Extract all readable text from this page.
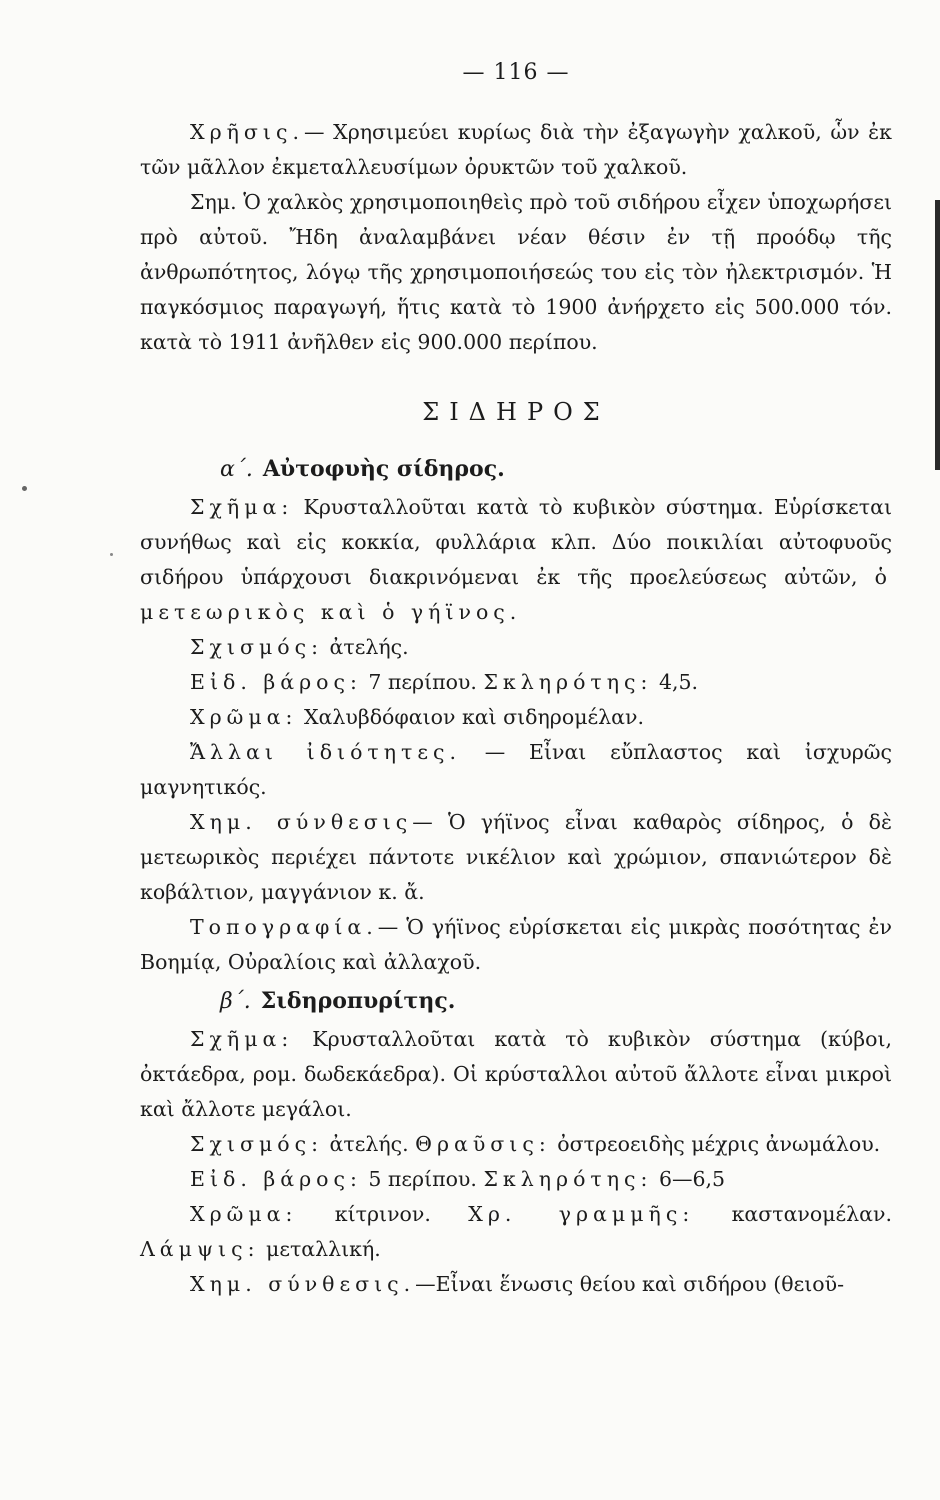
— 116 —

Χρῆσις.— Χρησιμεύει κυρίως διὰ τὴν ἐξαγωγὴν χαλκοῦ, ὧν ἐκ τῶν μᾶλλον ἐκμεταλλευσίμων ὀρυκτῶν τοῦ χαλκοῦ.

Σημ. Ὁ χαλκὸς χρησιμοποιηθεὶς πρὸ τοῦ σιδήρου εἶχεν ὑποχωρήσει πρὸ αὐτοῦ. Ἤδη ἀναλαμβάνει νέαν θέσιν ἐν τῇ προόδῳ τῆς ἀνθρωπότητος, λόγῳ τῆς χρησιμοποιήσεώς του εἰς τὸν ἠλεκτρισμόν. Ἡ παγκόσμιος παραγωγή, ἥτις κατὰ τὸ 1900 ἀνήρχετο εἰς 500.000 τόν. κατὰ τὸ 1911 ἀνῆλθεν εἰς 900.000 περίπου.

ΣΙΔΗΡΟΣ
α΄. Αὐτοφυὴς σίδηρος.

Σχῆμα: Κρυσταλλοῦται κατὰ τὸ κυβικὸν σύστημα. Εὑρίσκεται συνήθως καὶ εἰς κοκκία, φυλλάρια κλπ. Δύο ποικιλίαι αὐτοφυοῦς σιδήρου ὑπάρχουσι διακρινόμεναι ἐκ τῆς προελεύσεως αὐτῶν, ὁ μετεωρικὸς καὶ ὁ γήϊνος.

Σχισμός: ἀτελής.

Εἰδ. βάρος: 7 περίπου. Σκληρότης: 4,5.

Χρῶμα: Χαλυβδόφαιον καὶ σιδηρομέλαν.

Ἄλλαι ἰδιότητες. — Εἶναι εὔπλαστος καὶ ἰσχυρῶς μαγνητικός.

Χημ. σύνθεσις— Ὁ γήϊνος εἶναι καθαρὸς σίδηρος, ὁ δὲ μετεωρικὸς περιέχει πάντοτε νικέλιον καὶ χρώμιον, σπανιώτερον δὲ κοβάλτιον, μαγγάνιον κ. ἄ.

Τοπογραφία.— Ὁ γήϊνος εὑρίσκεται εἰς μικρὰς ποσότητας ἐν Βοημίᾳ, Οὐραλίοις καὶ ἀλλαχοῦ.

β΄. Σιδηροπυρίτης.

Σχῆμα: Κρυσταλλοῦται κατὰ τὸ κυβικὸν σύστημα (κύβοι, ὀκτάεδρα, ρομ. δωδεκάεδρα). Οἱ κρύσταλλοι αὐτοῦ ἄλλοτε εἶναι μικροὶ καὶ ἄλλοτε μεγάλοι.

Σχισμός: ἀτελής. Θραῦσις: ὀστρεοειδὴς μέχρις ἀνωμάλου.

Εἰδ. βάρος: 5 περίπου. Σκληρότης: 6—6,5

Χρῶμα: κίτρινον. Χρ. γραμμῆς: καστανομέλαν. Λάμψις: μεταλλική.

Χημ. σύνθεσις.—Εἶναι ἕνωσις θείου καὶ σιδήρου (θειοῦ-
